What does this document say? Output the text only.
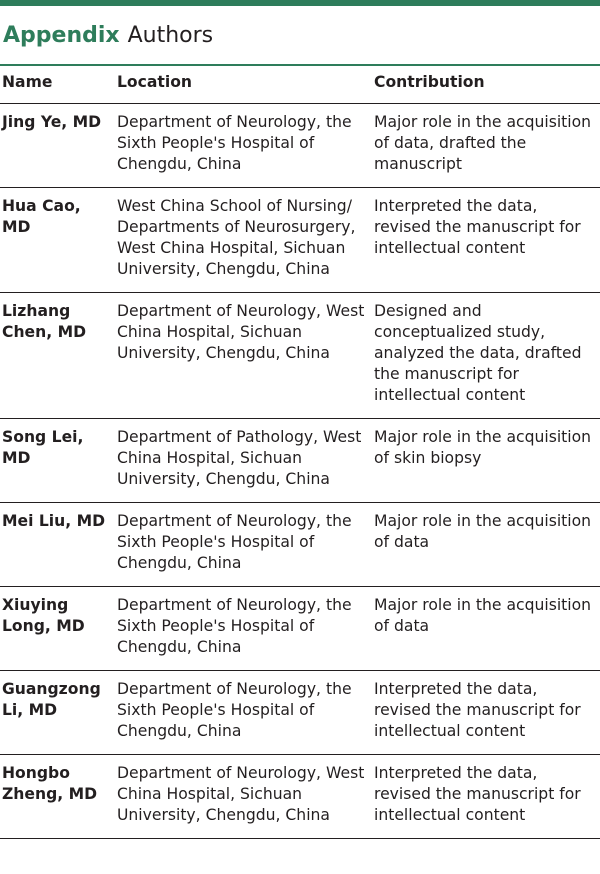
Appendix Authors
Name	Location	Contribution
Jing Ye, MD	Department of Neurology, the Sixth People's Hospital of Chengdu, China	Major role in the acquisition of data, drafted the manuscript
Hua Cao, MD	West China School of Nursing/ Departments of Neurosurgery, West China Hospital, Sichuan University, Chengdu, China	Interpreted the data, revised the manuscript for intellectual content
Lizhang Chen, MD	Department of Neurology, West China Hospital, Sichuan University, Chengdu, China	Designed and conceptualized study, analyzed the data, drafted the manuscript for intellectual content
Song Lei, MD	Department of Pathology, West China Hospital, Sichuan University, Chengdu, China	Major role in the acquisition of skin biopsy
Mei Liu, MD	Department of Neurology, the Sixth People's Hospital of Chengdu, China	Major role in the acquisition of data
Xiuying Long, MD	Department of Neurology, the Sixth People's Hospital of Chengdu, China	Major role in the acquisition of data
Guangzong Li, MD	Department of Neurology, the Sixth People's Hospital of Chengdu, China	Interpreted the data, revised the manuscript for intellectual content
Hongbo Zheng, MD	Department of Neurology, West China Hospital, Sichuan University, Chengdu, China	Interpreted the data, revised the manuscript for intellectual content
